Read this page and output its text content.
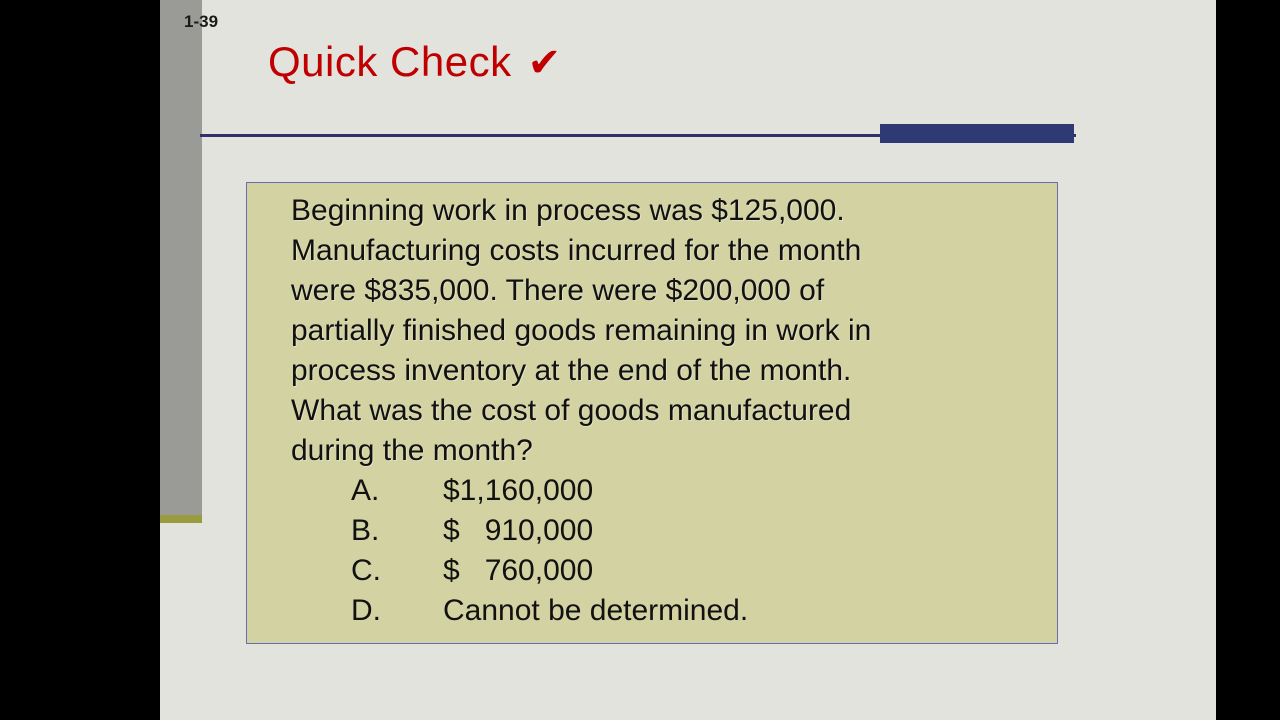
1-39
Quick Check ✔
Beginning work in process was $125,000.
Manufacturing costs incurred for the month
were $835,000. There were $200,000 of
partially finished goods remaining in work in
process inventory at the end of the month.
What was the cost of goods manufactured
during the month?
A.	$1,160,000
B.	$   910,000
C.	$   760,000
D.	Cannot be determined.
